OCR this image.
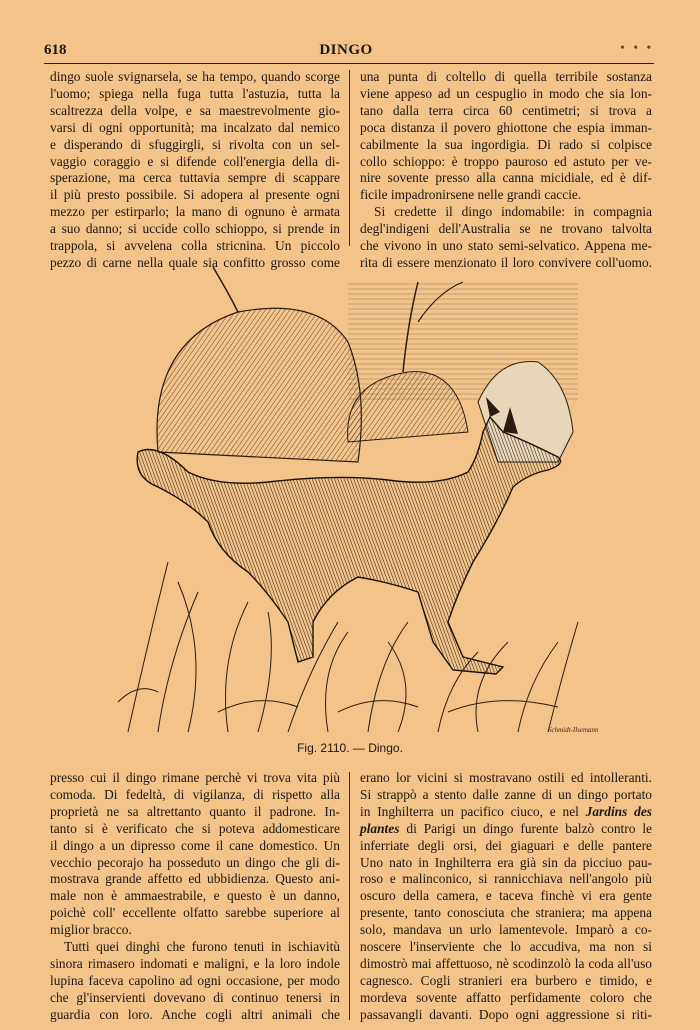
618	DINGO	• • •
dingo suole svignarsela, se ha tempo, quando scorge
l'uomo; spiega nella fuga tutta l'astuzia, tutta la
scaltrezza della volpe, e sa maestrevolmente gio-
varsi di ogni opportunità; ma incalzato dal nemico
e disperando di sfuggirgli, si rivolta con un sel-
vaggio coraggio e si difende coll'energia della di-
sperazione, ma cerca tuttavia sempre di scappare
il più presto possibile. Si adopera al presente ogni
mezzo per estirparlo; la mano di ognuno è armata
a suo danno; si uccide collo schioppo, si prende in
trappola, si avvelena colla stricnina. Un piccolo
pezzo di carne nella quale sia confitto grosso come
una punta di coltello di quella terribile sostanza
viene appeso ad un cespuglio in modo che sia lon-
tano dalla terra circa 60 centimetri; si trova a
poca distanza il povero ghiottone che espia imman-
cabilmente la sua ingordigia. Di rado si colpisce
collo schioppo: è troppo pauroso ed astuto per ve-
nire sovente presso alla canna micidiale, ed è dif-
ficile impadronirsene nelle grandi caccie.
Si credette il dingo indomabile: in compagnia
degl'indigeni dell'Australia se ne trovano talvolta
che vivono in uno stato semi-selvatico. Appena me-
rita di essere menzionato il loro convivere coll'uomo.
Schmidt-Ilsemann
Fig. 2110. — Dingo.
presso cui il dingo rimane perchè vi trova vita più
comoda. Di fedeltà, di vigilanza, di rispetto alla
proprietà ne sa altrettanto quanto il padrone. In-
tanto si è verificato che si poteva addomesticare
il dingo a un dipresso come il cane domestico. Un
vecchio pecorajo ha posseduto un dingo che gli di-
mostrava grande affetto ed ubbidienza. Questo ani-
male non è ammaestrabile, e questo è un danno,
poichè coll' eccellente olfatto sarebbe superiore al
miglior bracco.
Tutti quei dinghi che furono tenuti in ischiavitù
sinora rimasero indomati e maligni, e la loro indole
lupina faceva capolino ad ogni occasione, per modo
che gl'inservienti dovevano di continuo tenersi in
guardia con loro. Anche cogli altri animali che
erano lor vicini si mostravano ostili ed intolleranti.
Si strappò a stento dalle zanne di un dingo portato
in Inghilterra un pacifico ciuco, e nel Jardins des
plantes di Parigi un dingo furente balzò contro le
inferriate degli orsi, dei giaguari e delle pantere
Uno nato in Inghilterra era già sin da picciuo pau-
roso e malinconico, si rannicchiava nell'angolo più
oscuro della camera, e taceva finchè vi era gente
presente, tanto conosciuta che straniera; ma appena
solo, mandava un urlo lamentevole. Imparò a co-
noscere l'inserviente che lo accudiva, ma non si
dimostrò mai affettuoso, nè scodinzolò la coda all'uso
cagnesco. Cogli stranieri era burbero e timido, e
mordeva sovente affatto perfidamente coloro che
passavangli davanti. Dopo ogni aggressione si riti-
